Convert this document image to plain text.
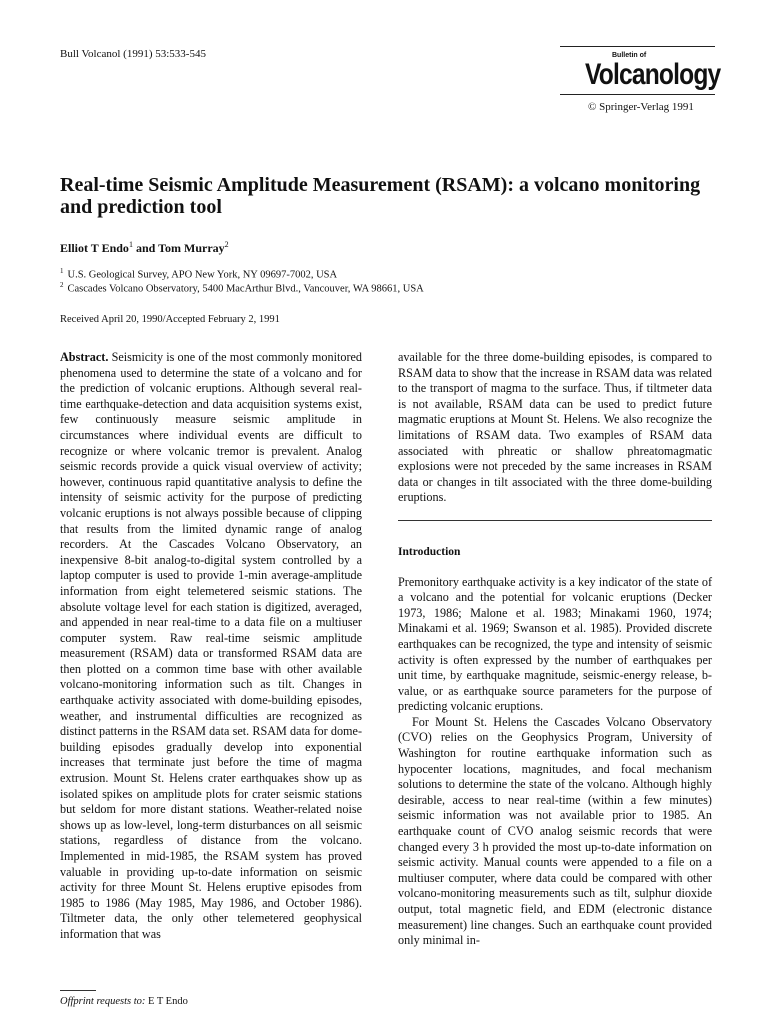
Bull Volcanol (1991) 53:533-545	Bulletin of
Volcanology
© Springer-Verlag 1991
Real-time Seismic Amplitude Measurement (RSAM): a volcano monitoring and prediction tool
Elliot T Endo$^1$ and Tom Murray$^2$
$^1$ U.S. Geological Survey, APO New York, NY 09697-7002, USA
$^2$ Cascades Volcano Observatory, 5400 MacArthur Blvd., Vancouver, WA 98661, USA
Received April 20, 1990/Accepted February 2, 1991

Abstract. Seismicity is one of the most commonly monitored phenomena used to determine the state of a volcano and for the prediction of volcanic eruptions. Although several real-time earthquake-detection and data acquisition systems exist, few continuously measure seismic amplitude in circumstances where individual events are difficult to recognize or where volcanic tremor is prevalent. Analog seismic records provide a quick visual overview of activity; however, continuous rapid quantitative analysis to define the intensity of seismic activity for the purpose of predicting volcanic eruptions is not always possible because of clipping that results from the limited dynamic range of analog recorders. At the Cascades Volcano Observatory, an inexpensive 8-bit analog-to-digital system controlled by a laptop computer is used to provide 1-min average-amplitude information from eight telemetered seismic stations. The absolute voltage level for each station is digitized, averaged, and appended in near real-time to a data file on a multiuser computer system. Raw real-time seismic amplitude measurement (RSAM) data or transformed RSAM data are then plotted on a common time base with other available volcano-monitoring information such as tilt. Changes in earthquake activity associated with dome-building episodes, weather, and instrumental difficulties are recognized as distinct patterns in the RSAM data set. RSAM data for dome-building episodes gradually develop into exponential increases that terminate just before the time of magma extrusion. Mount St. Helens crater earthquakes show up as isolated spikes on amplitude plots for crater seismic stations but seldom for more distant stations. Weather-related noise shows up as low-level, long-term disturbances on all seismic stations, regardless of distance from the volcano. Implemented in mid-1985, the RSAM system has proved valuable in providing up-to-date information on seismic activity for three Mount St. Helens eruptive episodes from 1985 to 1986 (May 1985, May 1986, and October 1986). Tiltmeter data, the only other telemetered geophysical information that was

available for the three dome-building episodes, is compared to RSAM data to show that the increase in RSAM data was related to the transport of magma to the surface. Thus, if tiltmeter data is not available, RSAM data can be used to predict future magmatic eruptions at Mount St. Helens. We also recognize the limitations of RSAM data. Two examples of RSAM data associated with phreatic or shallow phreatomagmatic explosions were not preceded by the same increases in RSAM data or changes in tilt associated with the three dome-building eruptions.

Introduction

Premonitory earthquake activity is a key indicator of the state of a volcano and the potential for volcanic eruptions (Decker 1973, 1986; Malone et al. 1983; Minakami 1960, 1974; Minakami et al. 1969; Swanson et al. 1985). Provided discrete earthquakes can be recognized, the type and intensity of seismic activity is often expressed by the number of earthquakes per unit time, by earthquake magnitude, seismic-energy release, b-value, or as earthquake source parameters for the purpose of predicting volcanic eruptions.

For Mount St. Helens the Cascades Volcano Observatory (CVO) relies on the Geophysics Program, University of Washington for routine earthquake information such as hypocenter locations, magnitudes, and focal mechanism solutions to determine the state of the volcano. Although highly desirable, access to near real-time (within a few minutes) seismic information was not available prior to 1985. An earthquake count of CVO analog seismic records that were changed every 3 h provided the most up-to-date information on seismic activity. Manual counts were appended to a file on a multiuser computer, where data could be compared with other volcano-monitoring measurements such as tilt, sulphur dioxide output, total magnetic field, and EDM (electronic distance measurement) line changes. Such an earthquake count provided only minimal in-

Offprint requests to: E T Endo
